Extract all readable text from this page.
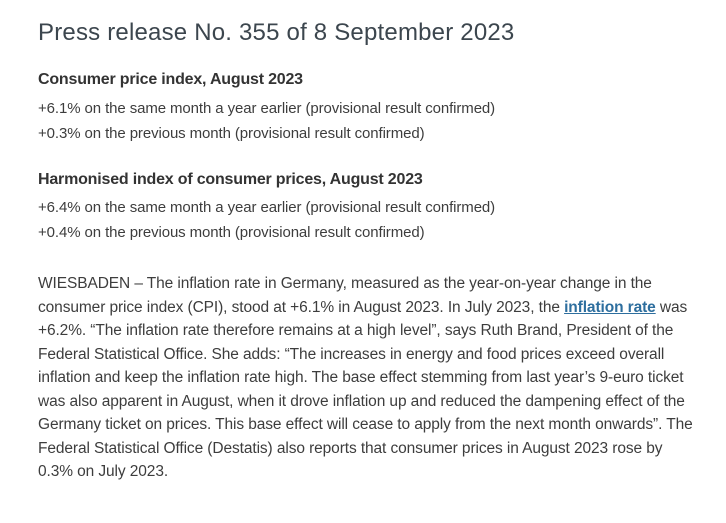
Press release No. 355 of 8 September 2023
Consumer price index, August 2023
+6.1% on the same month a year earlier (provisional result confirmed)
+0.3% on the previous month (provisional result confirmed)
Harmonised index of consumer prices, August 2023
+6.4% on the same month a year earlier (provisional result confirmed)
+0.4% on the previous month (provisional result confirmed)

WIESBADEN – The inflation rate in Germany, measured as the year-on-year change in the consumer price index (CPI), stood at +6.1% in August 2023. In July 2023, the inflation rate was +6.2%. “The inflation rate therefore remains at a high level”, says Ruth Brand, President of the Federal Statistical Office. She adds: “The increases in energy and food prices exceed overall inflation and keep the inflation rate high. The base effect stemming from last year’s 9-euro ticket was also apparent in August, when it drove inflation up and reduced the dampening effect of the Germany ticket on prices. This base effect will cease to apply from the next month onwards”. The Federal Statistical Office (Destatis) also reports that consumer prices in August 2023 rose by 0.3% on July 2023.
